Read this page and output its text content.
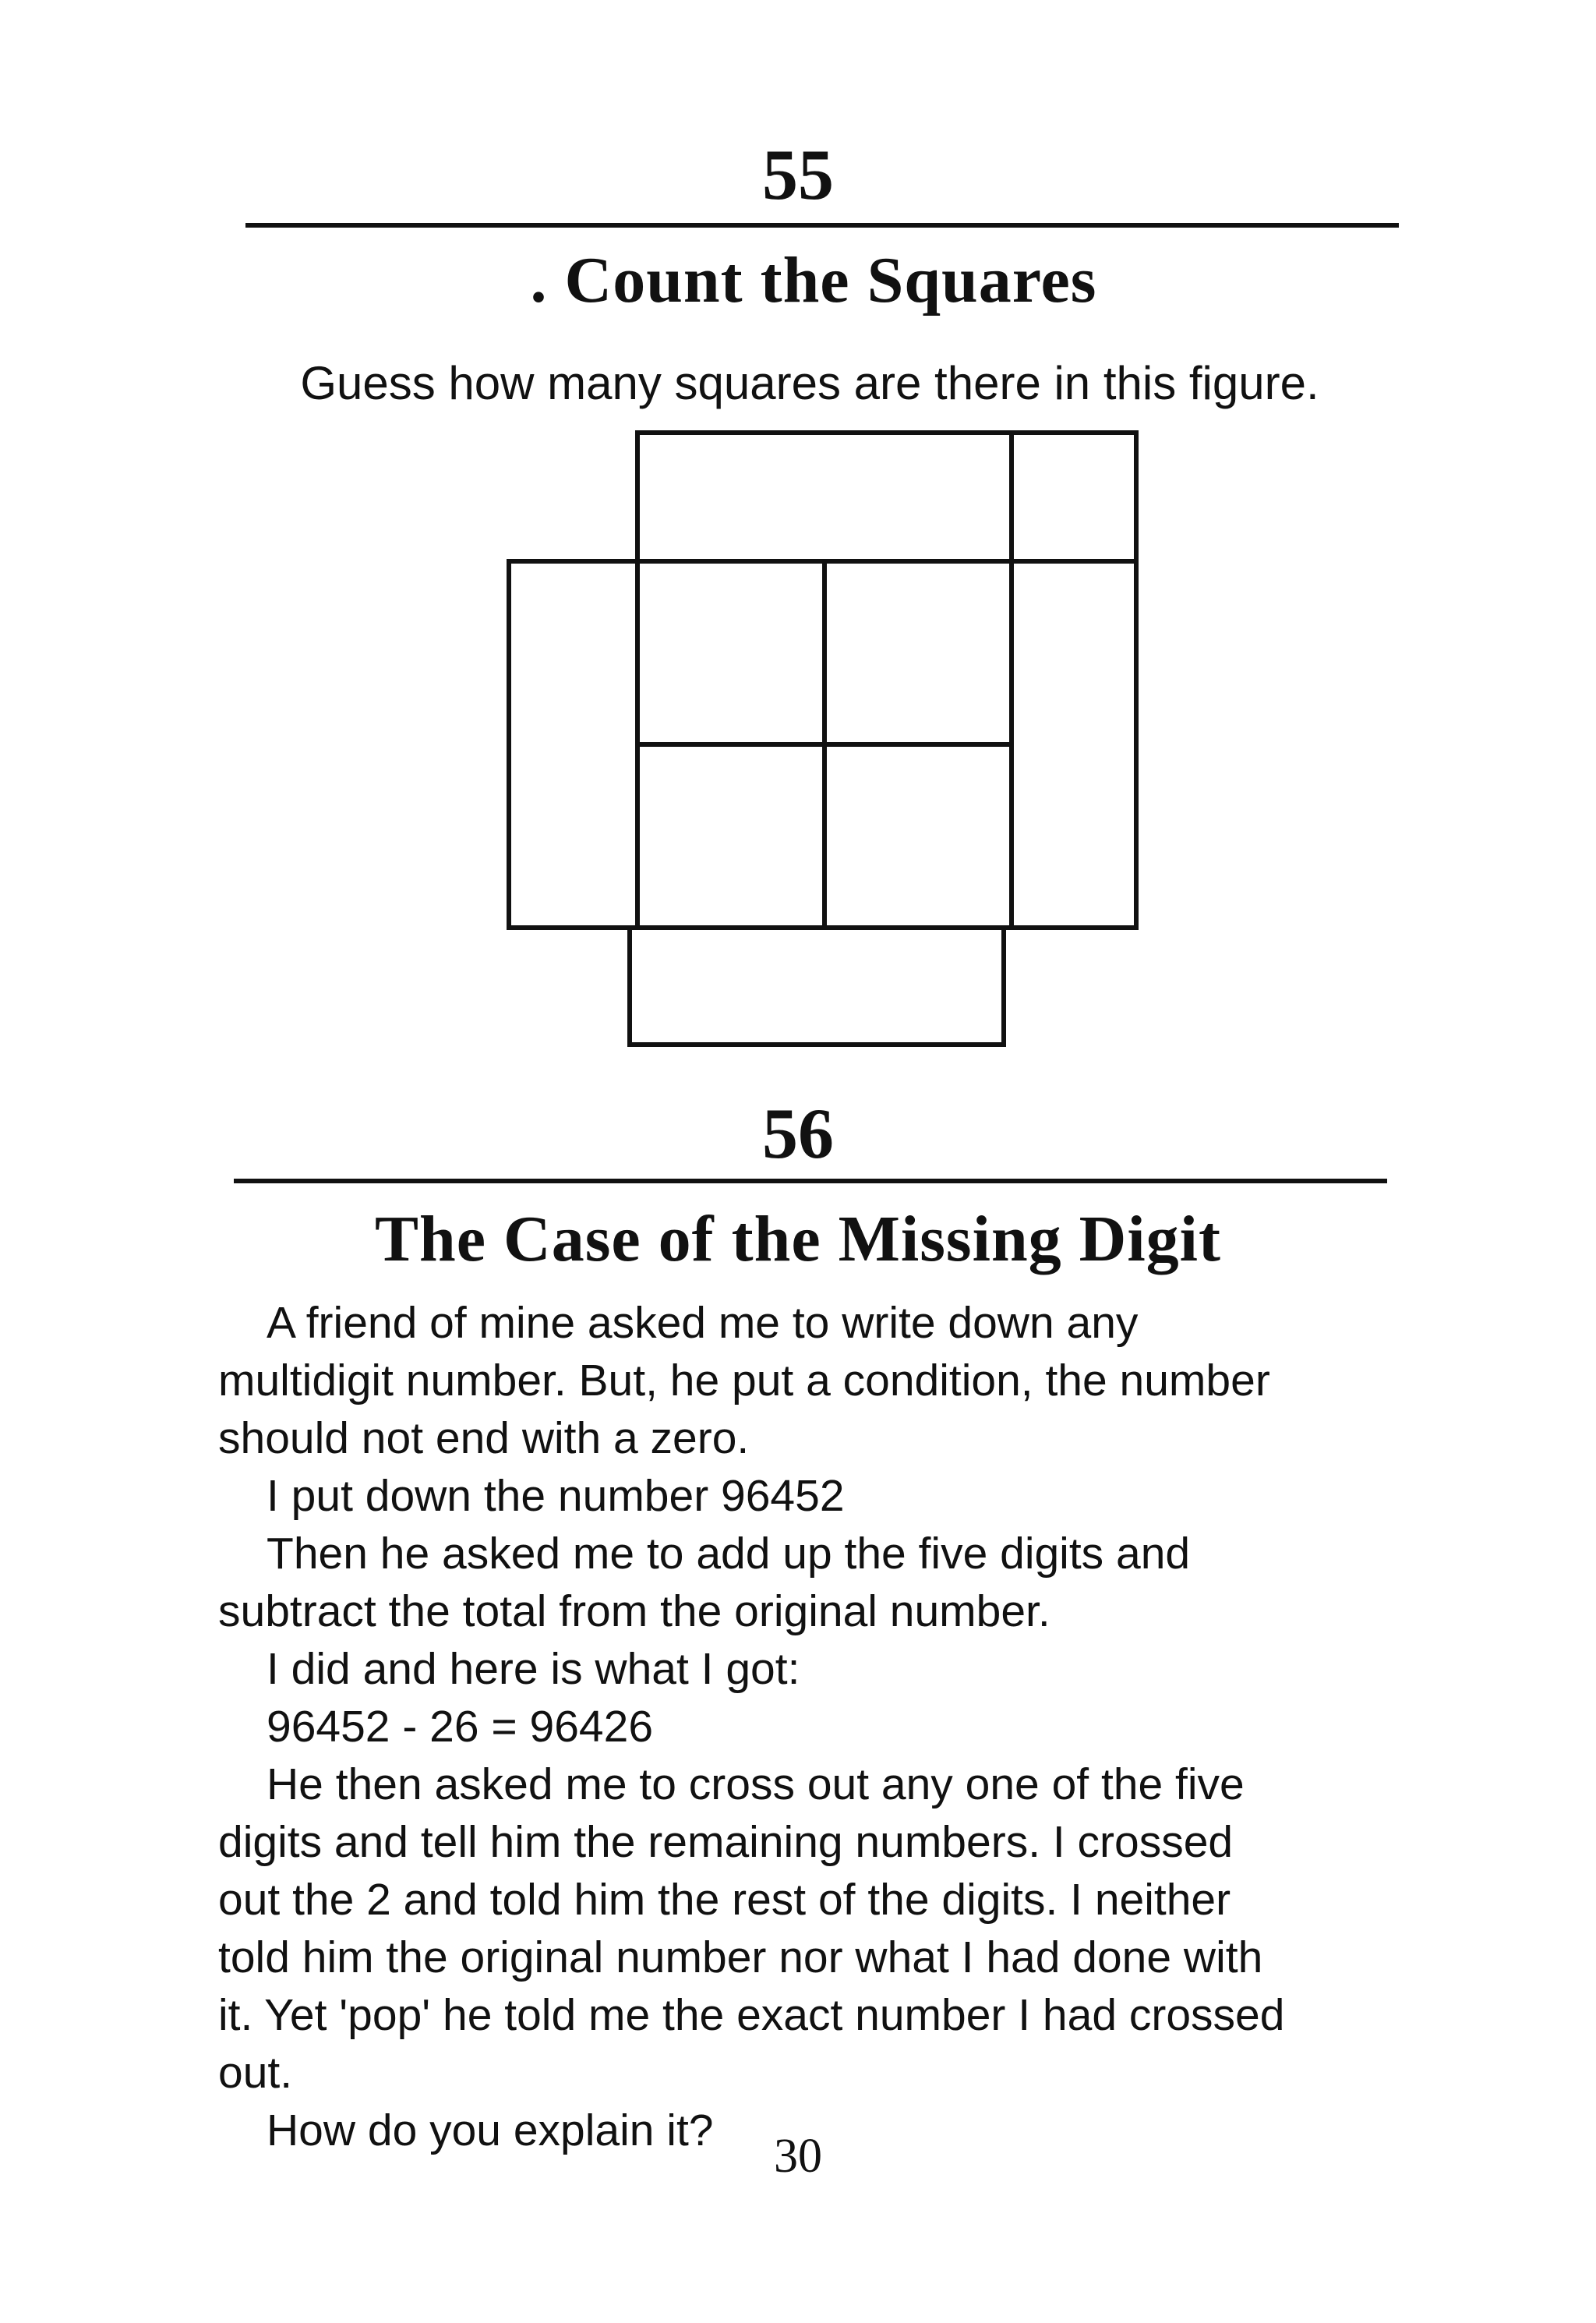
55
. Count the Squares
Guess how many squares are there in this figure.
56
The Case of the Missing Digit
A friend of mine asked me to write down any
multidigit number. But, he put a condition, the number
should not end with a zero.
I put down the number 96452
Then he asked me to add up the five digits and
subtract the total from the original number.
I did and here is what I got:
96452 - 26 = 96426
He then asked me to cross out any one of the five
digits and tell him the remaining numbers. I crossed
out the 2 and told him the rest of the digits. I neither
told him the original number nor what I had done with
it. Yet 'pop' he told me the exact number I had crossed
out.
How do you explain it?	30
